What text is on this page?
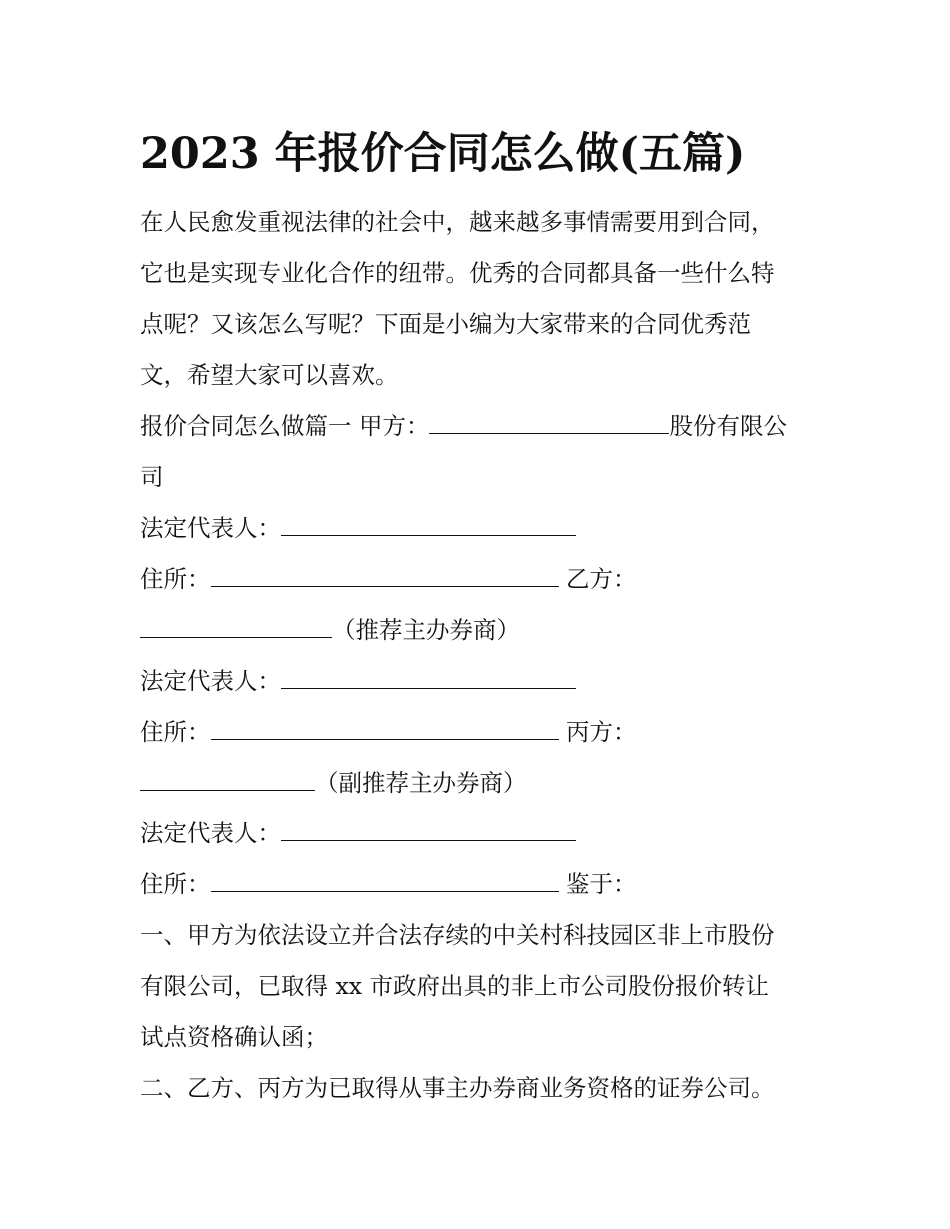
2023 年报价合同怎么做(五篇)
在人民愈发重视法律的社会中，越来越多事情需要用到合同，
它也是实现专业化合作的纽带。优秀的合同都具备一些什么特
点呢？又该怎么写呢？下面是小编为大家带来的合同优秀范
文，希望大家可以喜欢。
报价合同怎么做篇一 甲方：	股份有限公
司
法定代表人：
住所：	乙方：
（推荐主办券商）
法定代表人：
住所：	丙方：
（副推荐主办券商）
法定代表人：
住所：	鉴于：
一、甲方为依法设立并合法存续的中关村科技园区非上市股份
有限公司，已取得 xx 市政府出具的非上市公司股份报价转让
试点资格确认函；
二、乙方、丙方为已取得从事主办券商业务资格的证券公司。
